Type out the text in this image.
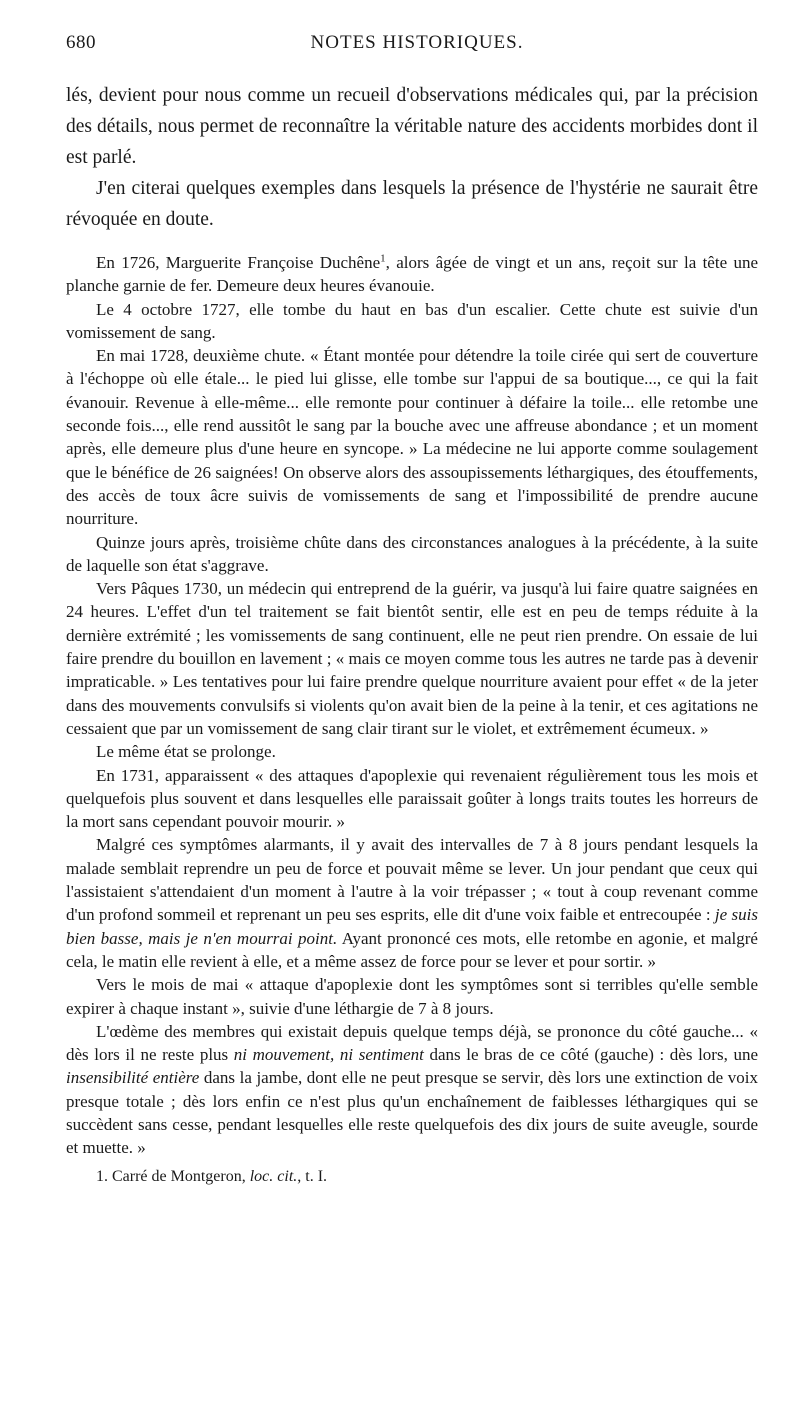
680	NOTES HISTORIQUES.

lés, devient pour nous comme un recueil d'observations médicales qui, par la précision des détails, nous permet de reconnaître la véritable nature des accidents morbides dont il est parlé.

J'en citerai quelques exemples dans lesquels la présence de l'hystérie ne saurait être révoquée en doute.

En 1726, Marguerite Françoise Duchêne$^1$, alors âgée de vingt et un ans, reçoit sur la tête une planche garnie de fer. Demeure deux heures évanouie.

Le 4 octobre 1727, elle tombe du haut en bas d'un escalier. Cette chute est suivie d'un vomissement de sang.

En mai 1728, deuxième chute. « Étant montée pour détendre la toile cirée qui sert de couverture à l'échoppe où elle étale... le pied lui glisse, elle tombe sur l'appui de sa boutique..., ce qui la fait évanouir. Revenue à elle-même... elle remonte pour continuer à défaire la toile... elle retombe une seconde fois..., elle rend aussitôt le sang par la bouche avec une affreuse abondance ; et un moment après, elle demeure plus d'une heure en syncope. » La médecine ne lui apporte comme soulagement que le bénéfice de 26 saignées! On observe alors des assoupissements léthargiques, des étouffements, des accès de toux âcre suivis de vomissements de sang et l'impossibilité de prendre aucune nourriture.

Quinze jours après, troisième chûte dans des circonstances analogues à la précédente, à la suite de laquelle son état s'aggrave.

Vers Pâques 1730, un médecin qui entreprend de la guérir, va jusqu'à lui faire quatre saignées en 24 heures. L'effet d'un tel traitement se fait bientôt sentir, elle est en peu de temps réduite à la dernière extrémité ; les vomissements de sang continuent, elle ne peut rien prendre. On essaie de lui faire prendre du bouillon en lavement ; « mais ce moyen comme tous les autres ne tarde pas à devenir impraticable. » Les tentatives pour lui faire prendre quelque nourriture avaient pour effet « de la jeter dans des mouvements convulsifs si violents qu'on avait bien de la peine à la tenir, et ces agitations ne cessaient que par un vomissement de sang clair tirant sur le violet, et extrêmement écumeux. »

Le même état se prolonge.

En 1731, apparaissent « des attaques d'apoplexie qui revenaient régulièrement tous les mois et quelquefois plus souvent et dans lesquelles elle paraissait goûter à longs traits toutes les horreurs de la mort sans cependant pouvoir mourir. »

Malgré ces symptômes alarmants, il y avait des intervalles de 7 à 8 jours pendant lesquels la malade semblait reprendre un peu de force et pouvait même se lever. Un jour pendant que ceux qui l'assistaient s'attendaient d'un moment à l'autre à la voir trépasser ; « tout à coup revenant comme d'un profond sommeil et reprenant un peu ses esprits, elle dit d'une voix faible et entrecoupée : je suis bien basse, mais je n'en mourrai point. Ayant prononcé ces mots, elle retombe en agonie, et malgré cela, le matin elle revient à elle, et a même assez de force pour se lever et pour sortir. »

Vers le mois de mai « attaque d'apoplexie dont les symptômes sont si terribles qu'elle semble expirer à chaque instant », suivie d'une léthargie de 7 à 8 jours.

L'œdème des membres qui existait depuis quelque temps déjà, se prononce du côté gauche... « dès lors il ne reste plus ni mouvement, ni sentiment dans le bras de ce côté (gauche) : dès lors, une insensibilité entière dans la jambe, dont elle ne peut presque se servir, dès lors une extinction de voix presque totale ; dès lors enfin ce n'est plus qu'un enchaînement de faiblesses léthargiques qui se succèdent sans cesse, pendant lesquelles elle reste quelquefois des dix jours de suite aveugle, sourde et muette. »

1. Carré de Montgeron, loc. cit., t. I.
